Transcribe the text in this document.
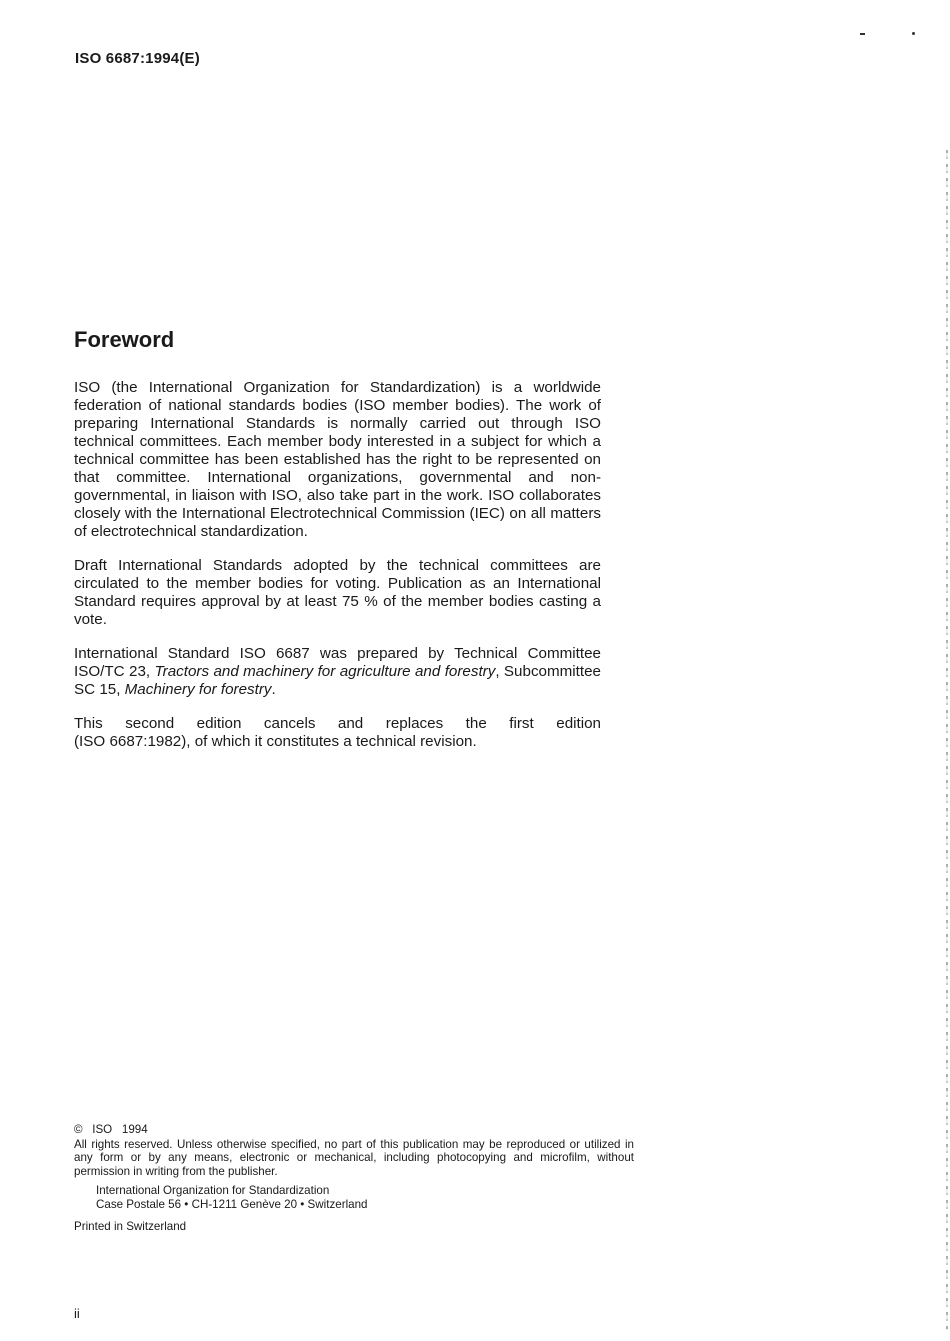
ISO 6687:1994(E)
Foreword

ISO (the International Organization for Standardization) is a worldwide federation of national standards bodies (ISO member bodies). The work of preparing International Standards is normally carried out through ISO technical committees. Each member body interested in a subject for which a technical committee has been established has the right to be represented on that committee. International organizations, governmental and non-governmental, in liaison with ISO, also take part in the work. ISO collaborates closely with the International Electrotechnical Commission (IEC) on all matters of electrotechnical standardization.

Draft International Standards adopted by the technical committees are circulated to the member bodies for voting. Publication as an International Standard requires approval by at least 75 % of the member bodies casting a vote.

International Standard ISO 6687 was prepared by Technical Committee ISO/TC 23, Tractors and machinery for agriculture and forestry, Subcommittee SC 15, Machinery for forestry.

This second edition cancels and replaces the first edition
(ISO 6687:1982), of which it constitutes a technical revision.

© ISO 1994

All rights reserved. Unless otherwise specified, no part of this publication may be reproduced or utilized in any form or by any means, electronic or mechanical, including photocopying and microfilm, without permission in writing from the publisher.

International Organization for Standardization
Case Postale 56 • CH-1211 Genève 20 • Switzerland
Printed in Switzerland
ii
